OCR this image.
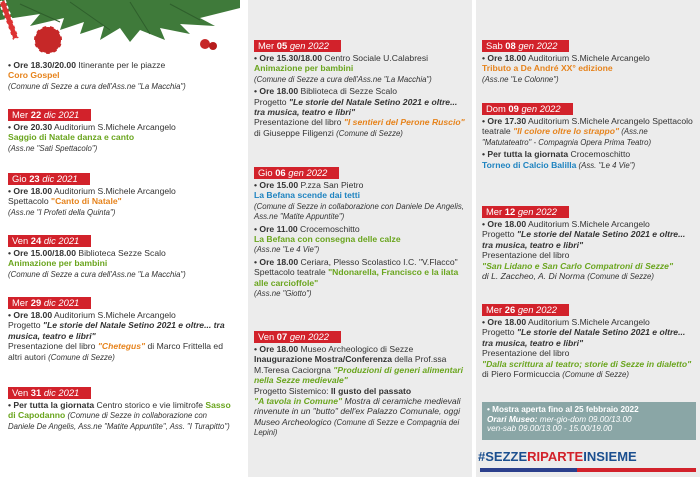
• Ore 18.30/20.00 Itinerante per le piazze
Coro Gospel
(Comune di Sezze a cura dell'Ass.ne "La Macchia")
Mer 22 dic 2021
• Ore 20.30 Auditorium S.Michele Arcangelo
Saggio di Natale danza e canto
(Ass.ne "Sati Spettacolo")
Gio 23 dic 2021
• Ore 18.00 Auditorium S.Michele Arcangelo
Spettacolo "Canto di Natale"
(Ass.ne "I Profeti della Quinta")
Ven 24 dic 2021
• Ore 15.00/18.00 Biblioteca Sezze Scalo
Animazione per bambini
(Comune di Sezze a cura dell'Ass.ne "La Macchia")
Mer 29 dic 2021
• Ore 18.00 Auditorium S.Michele Arcangelo
Progetto "Le storie del Natale Setino 2021 e oltre... tra musica, teatro e libri"
Presentazione del libro "Chetegus" di Marco Frittella ed altri autori (Comune di Sezze)
Ven 31 dic 2021
• Per tutta la giornata Centro storico e vie limitrofe Sasso di Capodanno (Comune di Sezze in collaborazione con Daniele De Angelis, Ass.ne "Matite Appuntite", Ass. "I Turapitto")
Mer 05 gen 2022
• Ore 15.30/18.00 Centro Sociale U.Calabresi
Animazione per bambini
(Comune di Sezze a cura dell'Ass.ne "La Macchia")
• Ore 18.00 Biblioteca di Sezze Scalo
Progetto "Le storie del Natale Setino 2021 e oltre... tra musica, teatro e libri"
Presentazione del libro "I sentieri del Perone Ruscio" di Giuseppe Filigenzi (Comune di Sezze)
Gio 06 gen 2022
• Ore 15.00 P.zza San Pietro
La Befana scende dai tetti
(Comune di Sezze in collaborazione con Daniele De Angelis, Ass.ne "Matite Appuntite")
• Ore 11.00 Crocemoschitto
La Befana con consegna delle calze
(Ass.ne "Le 4 Vie")
• Ore 18.00 Ceriara, Plesso Scolastico I.C. "V.Flacco" Spettacolo teatrale "Ndonarella, Francisco e la ilata alle carcioffole"
(Ass.ne "Giotto")
Ven 07 gen 2022
• Ore 18.00 Museo Archeologico di Sezze
Inaugurazione Mostra/Conferenza della Prof.ssa M.Teresa Caciorgna "Produzioni di generi alimentari nella Sezze medievale"
Progetto Sistemico: Il gusto del passato
"A tavola in Comune" Mostra di ceramiche medievali rinvenute in un "butto" dell'ex Palazzo Comunale, oggi Museo Archeologico (Comune di Sezze e Compagnia dei Lepini)
Sab 08 gen 2022
• Ore 18.00 Auditorium S.Michele Arcangelo
Tributo a De André XX° edizione
(Ass.ne "Le Colonne")
Dom 09 gen 2022
• Ore 17.30 Auditorium S.Michele Arcangelo Spettacolo teatrale "Il colore oltre lo strappo" (Ass.ne "Matutateatro" - Compagnia Opera Prima Teatro)
• Per tutta la giornata Crocemoschitto
Torneo di Calcio Balilla (Ass. "Le 4 Vie")
Mer 12 gen 2022
• Ore 18.00 Auditorium S.Michele Arcangelo
Progetto "Le storie del Natale Setino 2021 e oltre... tra musica, teatro e libri"
Presentazione del libro
"San Lidano e San Carlo Compatroni di Sezze"
di L. Zaccheo, A. Di Norma (Comune di Sezze)
Mer 26 gen 2022
• Ore 18.00 Auditorium S.Michele Arcangelo
Progetto "Le storie del Natale Setino 2021 e oltre... tra musica, teatro e libri"
Presentazione del libro
"Dalla scrittura al teatro; storie di Sezze in dialetto" di Piero Formicuccia (Comune di Sezze)
• Mostra aperta fino al 25 febbraio 2022
Orari Museo: mer-gio-dom 09.00/13.00
ven-sab 09.00/13.00 - 15.00/19.00
#SEZZERIPARTEINSIEME
